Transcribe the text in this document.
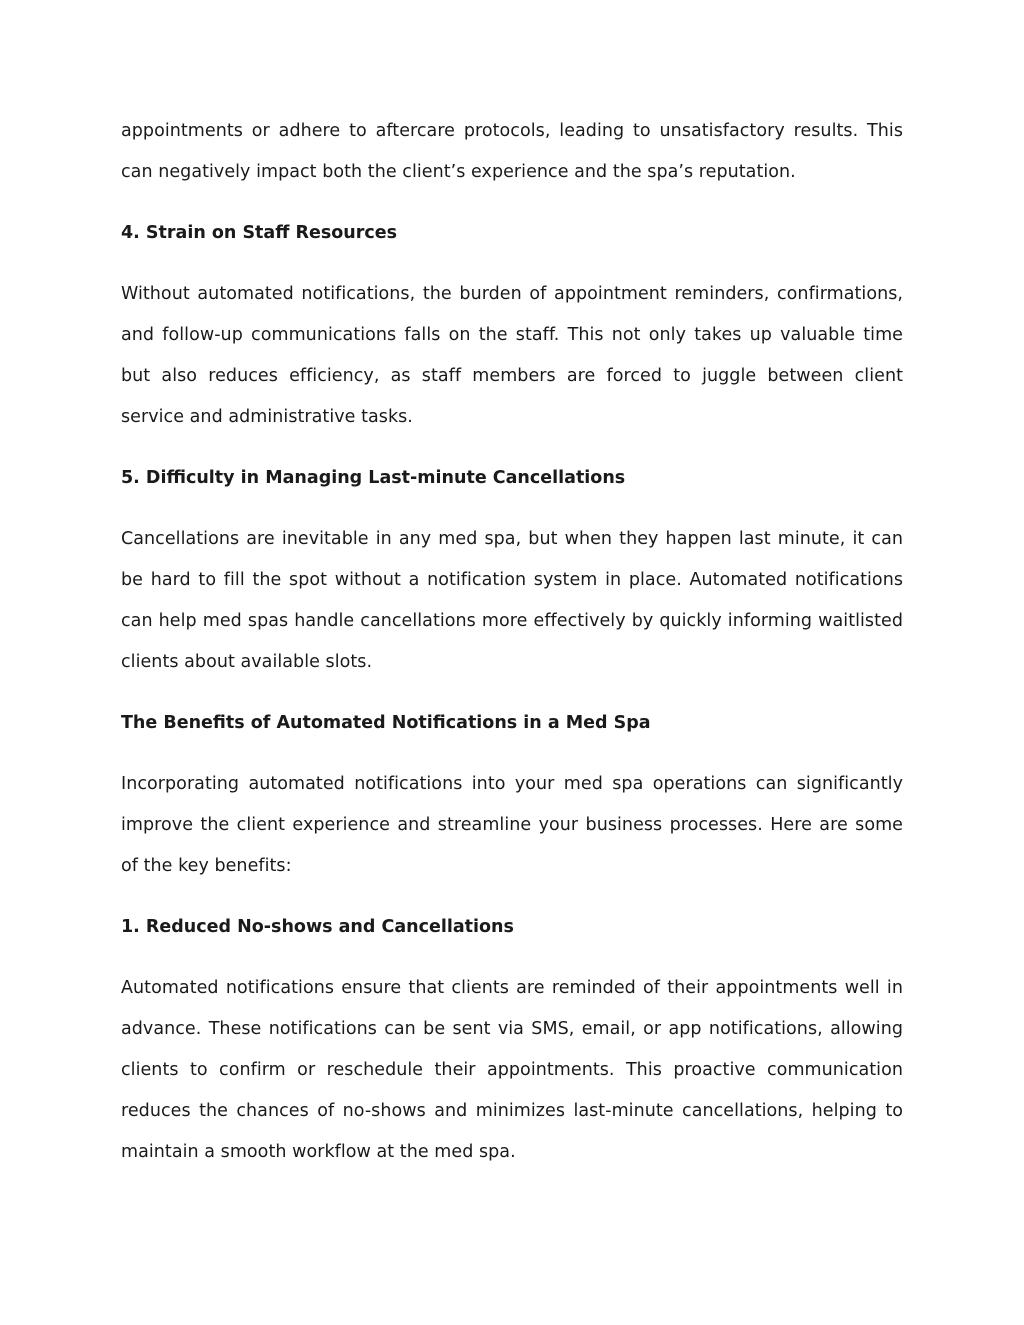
appointments or adhere to aftercare protocols, leading to unsatisfactory results. This can negatively impact both the client’s experience and the spa’s reputation.

4. Strain on Staff Resources

Without automated notifications, the burden of appointment reminders, confirmations, and follow-up communications falls on the staff. This not only takes up valuable time but also reduces efficiency, as staff members are forced to juggle between client service and administrative tasks.

5. Difficulty in Managing Last-minute Cancellations

Cancellations are inevitable in any med spa, but when they happen last minute, it can be hard to fill the spot without a notification system in place. Automated notifications can help med spas handle cancellations more effectively by quickly informing waitlisted clients about available slots.

The Benefits of Automated Notifications in a Med Spa

Incorporating automated notifications into your med spa operations can significantly improve the client experience and streamline your business processes. Here are some of the key benefits:

1. Reduced No-shows and Cancellations

Automated notifications ensure that clients are reminded of their appointments well in advance. These notifications can be sent via SMS, email, or app notifications, allowing clients to confirm or reschedule their appointments. This proactive communication reduces the chances of no-shows and minimizes last-minute cancellations, helping to maintain a smooth workflow at the med spa.
